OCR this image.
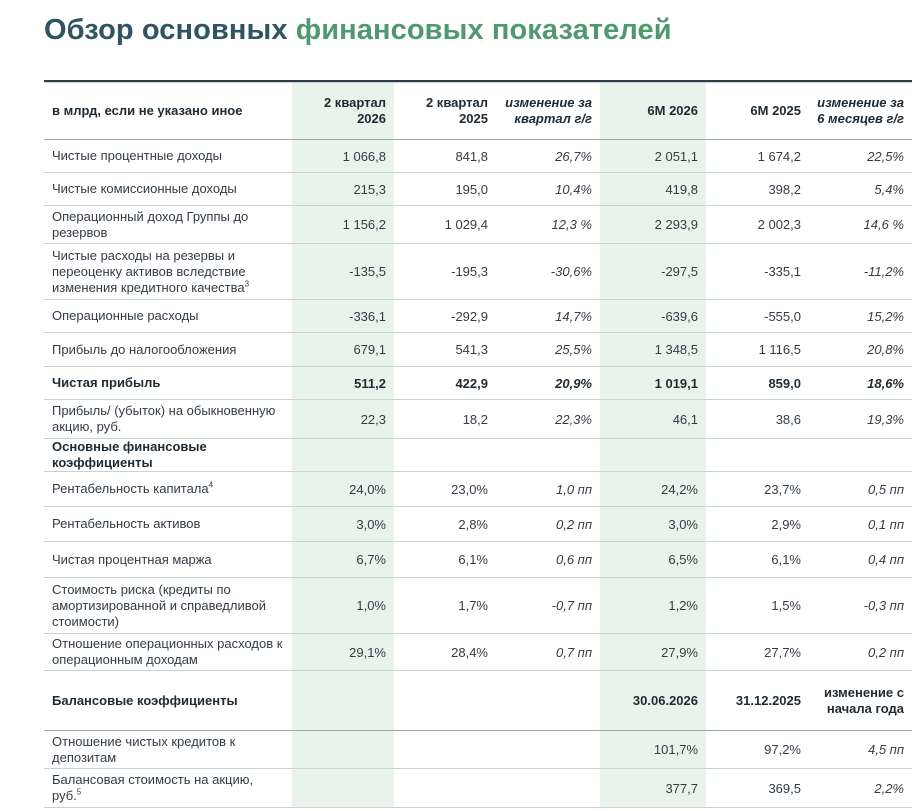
Обзор основных финансовых показателей

в млрд, если не указано иное	2 квартал 2026	2 квартал 2025	изменение за квартал г/г	6М 2026	6М 2025	изменение за 6 месяцев г/г
Чистые процентные доходы	1 066,8	841,8	26,7%	2 051,1	1 674,2	22,5%
Чистые комиссионные доходы	215,3	195,0	10,4%	419,8	398,2	5,4%
Операционный доход Группы до резервов	1 156,2	1 029,4	12,3 %	2 293,9	2 002,3	14,6 %
Чистые расходы на резервы и переоценку активов вследствие изменения кредитного качества$^3$	-135,5	-195,3	-30,6%	-297,5	-335,1	-11,2%
Операционные расходы	-336,1	-292,9	14,7%	-639,6	-555,0	15,2%
Прибыль до налогообложения	679,1	541,3	25,5%	1 348,5	1 116,5	20,8%
Чистая прибыль	511,2	422,9	20,9%	1 019,1	859,0	18,6%
Прибыль/ (убыток) на обыкновенную акцию, руб.	22,3	18,2	22,3%	46,1	38,6	19,3%
Основные финансовые коэффициенты						
Рентабельность капитала$^4$	24,0%	23,0%	1,0 пп	24,2%	23,7%	0,5 пп
Рентабельность активов	3,0%	2,8%	0,2 пп	3,0%	2,9%	0,1 пп
Чистая процентная маржа	6,7%	6,1%	0,6 пп	6,5%	6,1%	0,4 пп
Стоимость риска (кредиты по амортизированной и справедливой стоимости)	1,0%	1,7%	-0,7 пп	1,2%	1,5%	-0,3 пп
Отношение операционных расходов к операционным доходам	29,1%	28,4%	0,7 пп	27,9%	27,7%	0,2 пп
Балансовые коэффициенты				30.06.2026	31.12.2025	изменение с начала года
Отношение чистых кредитов к депозитам				101,7%	97,2%	4,5 пп
Балансовая стоимость на акцию, руб.$^5$				377,7	369,5	2,2%
